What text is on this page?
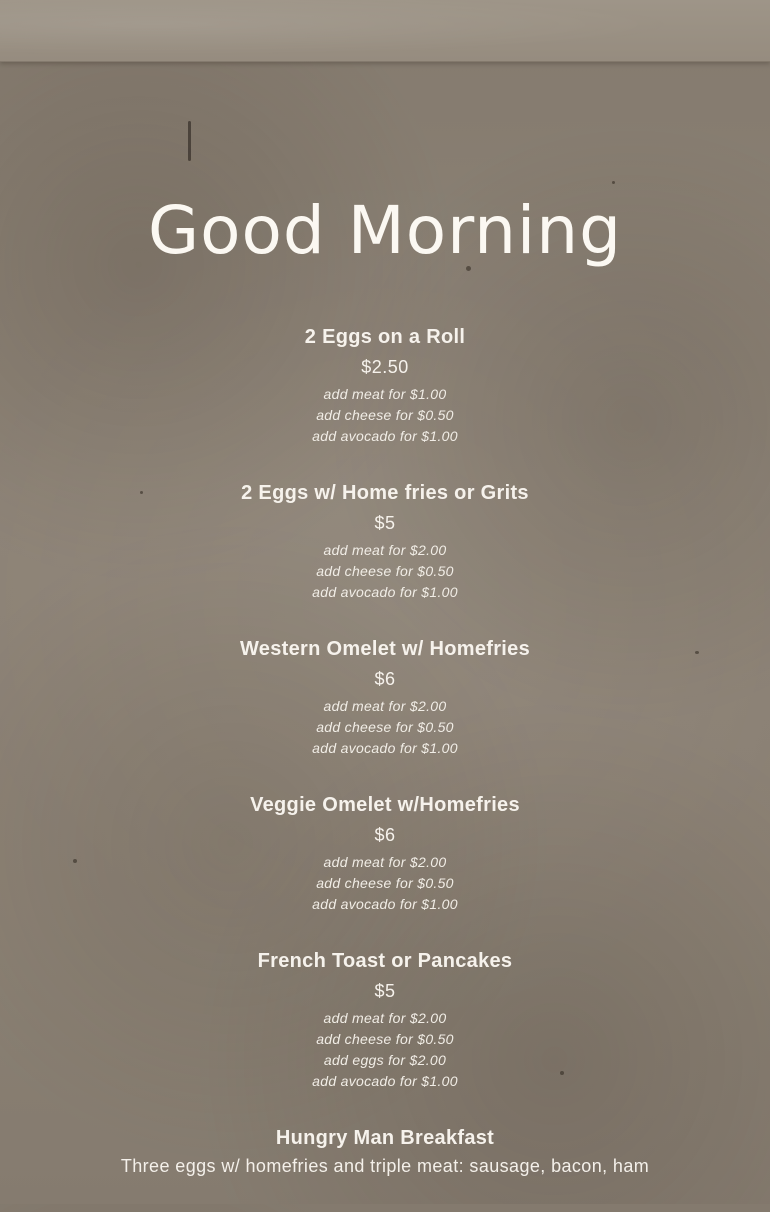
Good Morning
2 Eggs on a Roll
$2.50
add meat for $1.00
add cheese for $0.50
add avocado for $1.00
2 Eggs w/ Home fries or Grits
$5
add meat for $2.00
add cheese for $0.50
add avocado for $1.00
Western Omelet w/ Homefries
$6
add meat for $2.00
add cheese for $0.50
add avocado for $1.00
Veggie Omelet w/Homefries
$6
add meat for $2.00
add cheese for $0.50
add avocado for $1.00
French Toast or Pancakes
$5
add meat for $2.00
add cheese for $0.50
add eggs for $2.00
add avocado for $1.00
Hungry Man Breakfast
Three eggs w/ homefries and triple meat: sausage, bacon, ham
